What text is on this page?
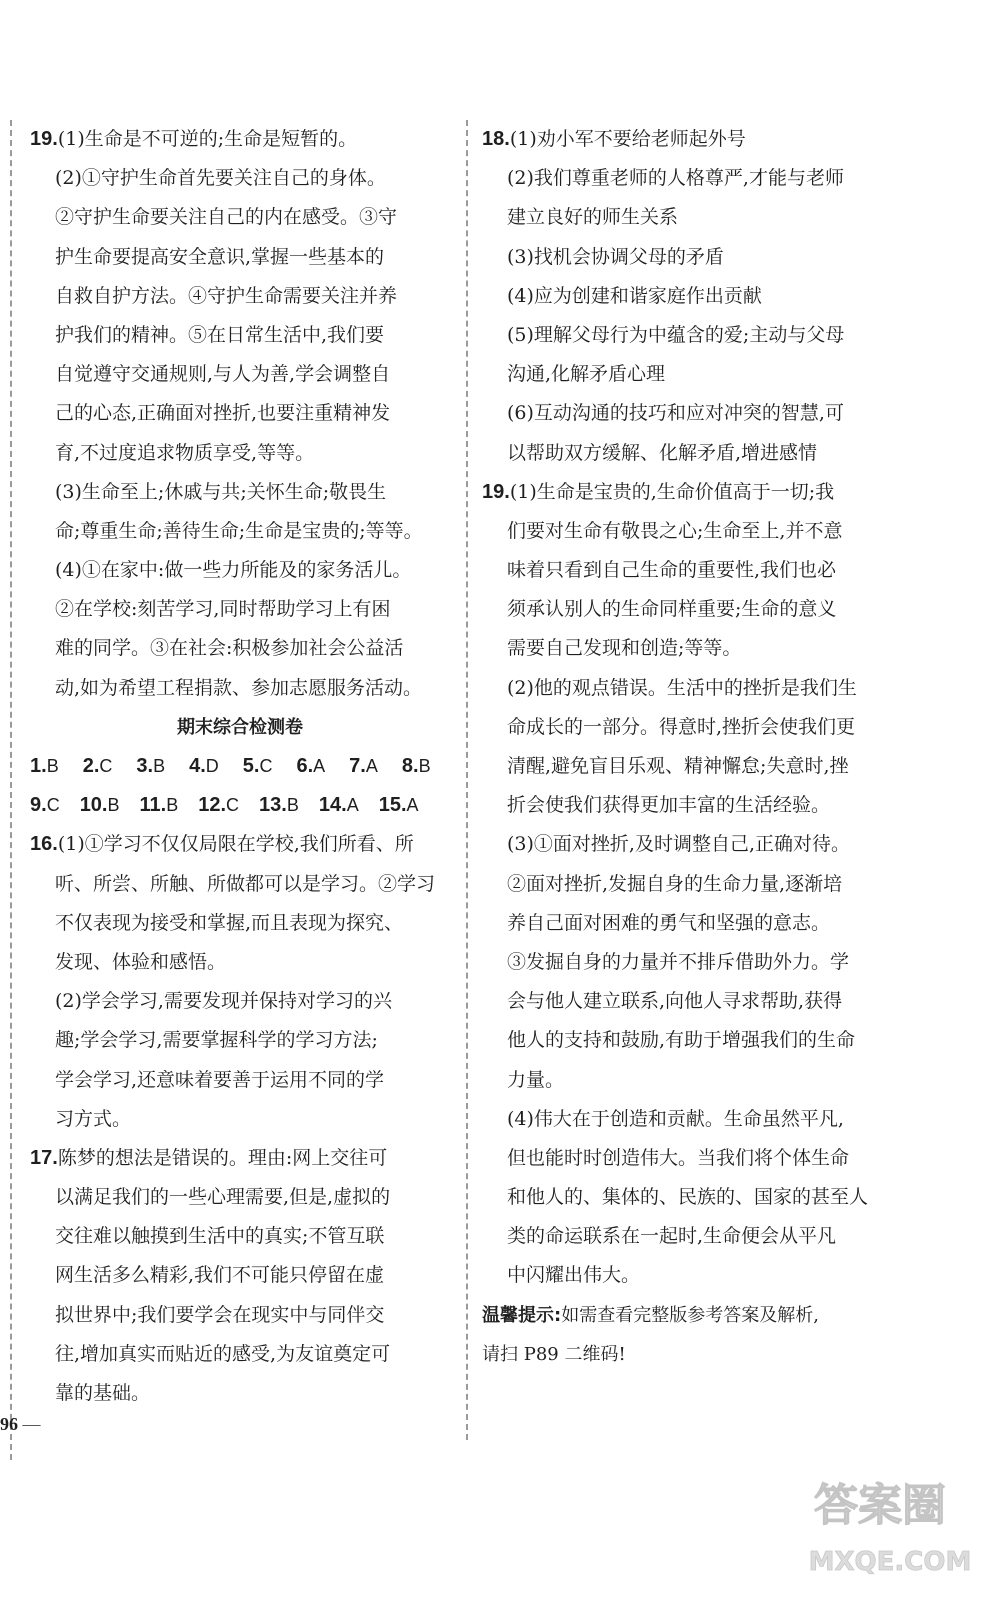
19.(1)生命是不可逆的;生命是短暂的。
(2)①守护生命首先要关注自己的身体。
②守护生命要关注自己的内在感受。③守
护生命要提高安全意识,掌握一些基本的
自救自护方法。④守护生命需要关注并养
护我们的精神。⑤在日常生活中,我们要
自觉遵守交通规则,与人为善,学会调整自
己的心态,正确面对挫折,也要注重精神发
育,不过度追求物质享受,等等。
(3)生命至上;休戚与共;关怀生命;敬畏生
命;尊重生命;善待生命;生命是宝贵的;等等。
(4)①在家中:做一些力所能及的家务活儿。
②在学校:刻苦学习,同时帮助学习上有困
难的同学。③在社会:积极参加社会公益活
动,如为希望工程捐款、参加志愿服务活动。
期末综合检测卷
1.B 2.C 3.B 4.D 5.C 6.A 7.A 8.B
9.C 10.B 11.B 12.C 13.B 14.A 15.A
16.(1)①学习不仅仅局限在学校,我们所看、所
听、所尝、所触、所做都可以是学习。②学习
不仅表现为接受和掌握,而且表现为探究、
发现、体验和感悟。
(2)学会学习,需要发现并保持对学习的兴
趣;学会学习,需要掌握科学的学习方法;
学会学习,还意味着要善于运用不同的学
习方式。
17.陈梦的想法是错误的。理由:网上交往可
以满足我们的一些心理需要,但是,虚拟的
交往难以触摸到生活中的真实;不管互联
网生活多么精彩,我们不可能只停留在虚
拟世界中;我们要学会在现实中与同伴交
往,增加真实而贴近的感受,为友谊奠定可
靠的基础。
18.(1)劝小军不要给老师起外号
(2)我们尊重老师的人格尊严,才能与老师
建立良好的师生关系
(3)找机会协调父母的矛盾
(4)应为创建和谐家庭作出贡献
(5)理解父母行为中蕴含的爱;主动与父母
沟通,化解矛盾心理
(6)互动沟通的技巧和应对冲突的智慧,可
以帮助双方缓解、化解矛盾,增进感情
19.(1)生命是宝贵的,生命价值高于一切;我
们要对生命有敬畏之心;生命至上,并不意
味着只看到自己生命的重要性,我们也必
须承认别人的生命同样重要;生命的意义
需要自己发现和创造;等等。
(2)他的观点错误。生活中的挫折是我们生
命成长的一部分。得意时,挫折会使我们更
清醒,避免盲目乐观、精神懈怠;失意时,挫
折会使我们获得更加丰富的生活经验。
(3)①面对挫折,及时调整自己,正确对待。
②面对挫折,发掘自身的生命力量,逐渐培
养自己面对困难的勇气和坚强的意志。
③发掘自身的力量并不排斥借助外力。学
会与他人建立联系,向他人寻求帮助,获得
他人的支持和鼓励,有助于增强我们的生命
力量。
(4)伟大在于创造和贡献。生命虽然平凡,
但也能时时创造伟大。当我们将个体生命
和他人的、集体的、民族的、国家的甚至人
类的命运联系在一起时,生命便会从平凡
中闪耀出伟大。
温馨提示:如需查看完整版参考答案及解析,
请扫 P89 二维码!
96 —
答案圈
MXQE.COM
